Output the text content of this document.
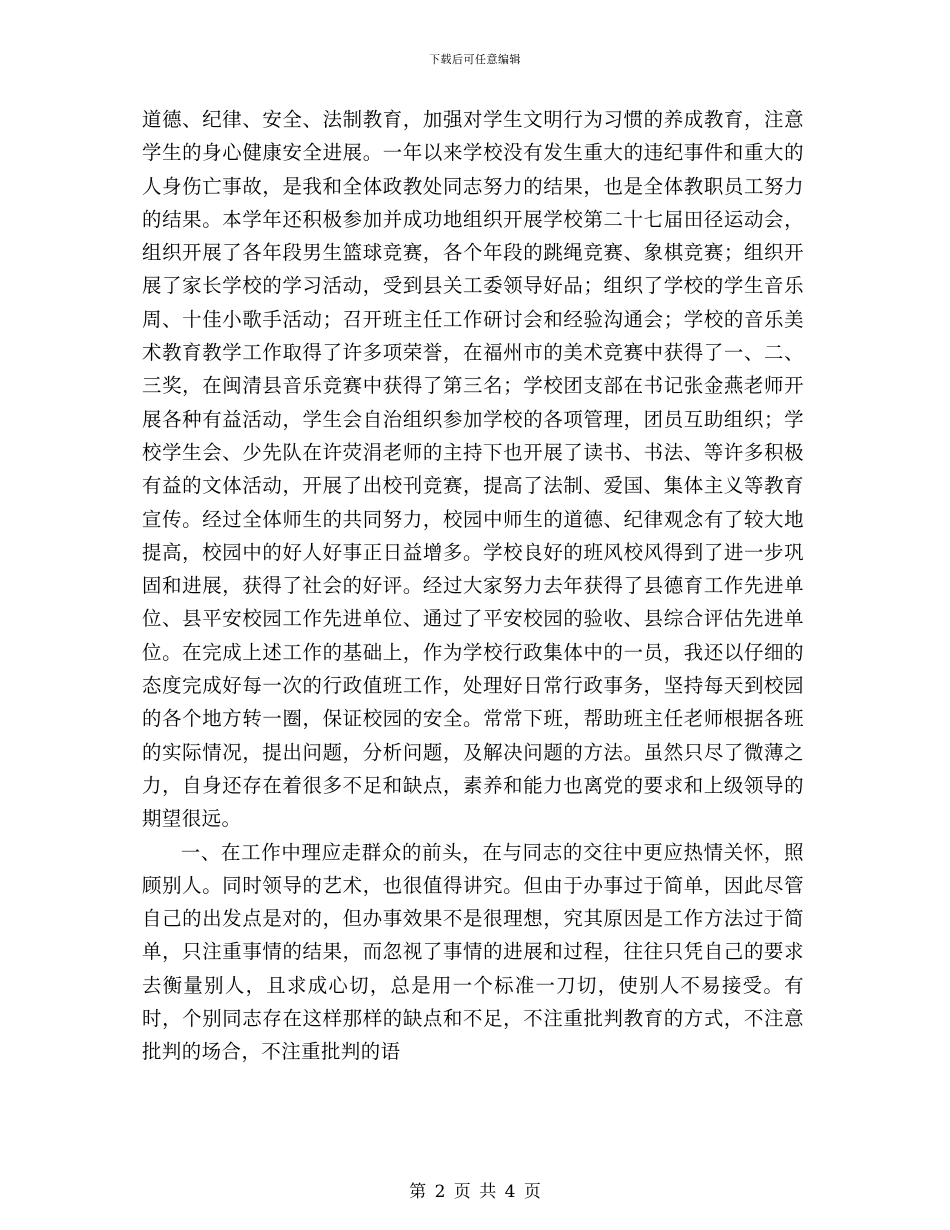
下载后可任意编辑

道德、纪律、安全、法制教育，加强对学生文明行为习惯的养成教育，注意学生的身心健康安全进展。一年以来学校没有发生重大的违纪事件和重大的人身伤亡事故，是我和全体政教处同志努力的结果，也是全体教职员工努力的结果。本学年还积极参加并成功地组织开展学校第二十七届田径运动会，组织开展了各年段男生篮球竞赛，各个年段的跳绳竞赛、象棋竞赛；组织开展了家长学校的学习活动，受到县关工委领导好品；组织了学校的学生音乐周、十佳小歌手活动；召开班主任工作研讨会和经验沟通会；学校的音乐美术教育教学工作取得了许多项荣誉，在福州市的美术竞赛中获得了一、二、三奖，在闽清县音乐竞赛中获得了第三名；学校团支部在书记张金燕老师开展各种有益活动，学生会自治组织参加学校的各项管理，团员互助组织；学校学生会、少先队在许荧涓老师的主持下也开展了读书、书法、等许多积极有益的文体活动，开展了出校刊竞赛，提高了法制、爱国、集体主义等教育宣传。经过全体师生的共同努力，校园中师生的道德、纪律观念有了较大地提高，校园中的好人好事正日益增多。学校良好的班风校风得到了进一步巩固和进展，获得了社会的好评。经过大家努力去年获得了县德育工作先进单位、县平安校园工作先进单位、通过了平安校园的验收、县综合评估先进单位。在完成上述工作的基础上，作为学校行政集体中的一员，我还以仔细的态度完成好每一次的行政值班工作，处理好日常行政事务，坚持每天到校园的各个地方转一圈，保证校园的安全。常常下班，帮助班主任老师根据各班的实际情况，提出问题，分析问题，及解决问题的方法。虽然只尽了微薄之力，自身还存在着很多不足和缺点，素养和能力也离党的要求和上级领导的期望很远。

一、在工作中理应走群众的前头，在与同志的交往中更应热情关怀，照顾别人。同时领导的艺术，也很值得讲究。但由于办事过于简单，因此尽管自己的出发点是对的，但办事效果不是很理想，究其原因是工作方法过于简单，只注重事情的结果，而忽视了事情的进展和过程，往往只凭自己的要求去衡量别人，且求成心切，总是用一个标准一刀切，使别人不易接受。有时，个别同志存在这样那样的缺点和不足，不注重批判教育的方式，不注意批判的场合，不注重批判的语

第 2 页 共 4 页
